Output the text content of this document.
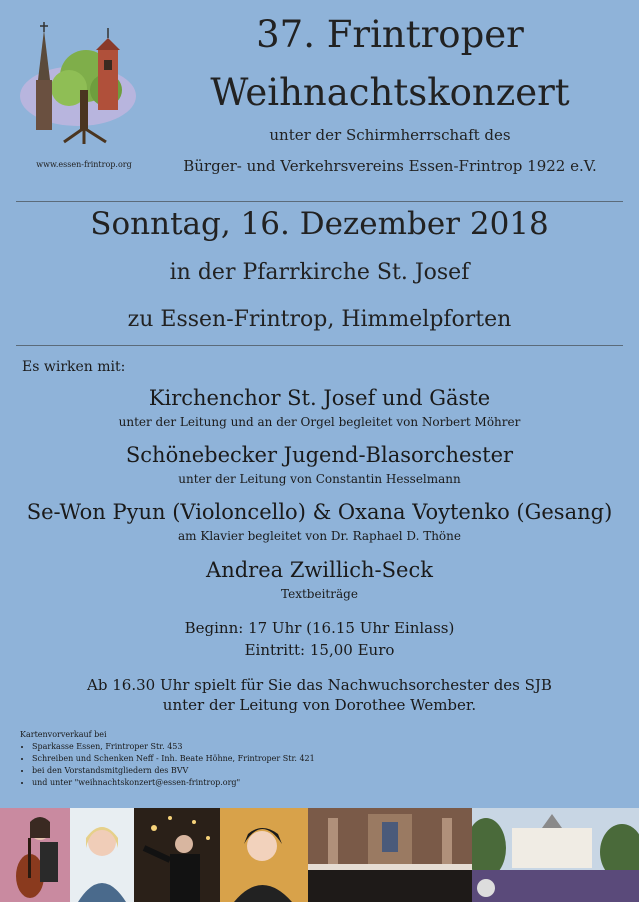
www.essen-frintrop.org
37. Frintroper
Weihnachtskonzert
unter der Schirmherrschaft des
Bürger- und Verkehrsvereins Essen-Frintrop 1922 e.V.
Sonntag, 16. Dezember 2018
in der Pfarrkirche St. Josef
zu Essen-Frintrop, Himmelpforten
Es wirken mit:
Kirchenchor St. Josef und Gäste
unter der Leitung und an der Orgel begleitet von Norbert Möhrer
Schönebecker Jugend-Blasorchester
unter der Leitung von Constantin Hesselmann
Se-Won Pyun (Violoncello) & Oxana Voytenko (Gesang)
am Klavier begleitet von Dr. Raphael D. Thöne
Andrea Zwillich-Seck
Textbeiträge
Beginn: 17 Uhr (16.15 Uhr Einlass)
Eintritt: 15,00 Euro
Ab 16.30 Uhr spielt für Sie das Nachwuchsorchester des SJB
unter der Leitung von Dorothee Wember.
Kartenvorverkauf bei
• Sparkasse Essen, Frintroper Str. 453
• Schreiben und Schenken Neff - Inh. Beate Höhne, Frintroper Str. 421
• bei den Vorstandsmitgliedern des BVV
• und unter "weihnachtskonzert@essen-frintrop.org"
